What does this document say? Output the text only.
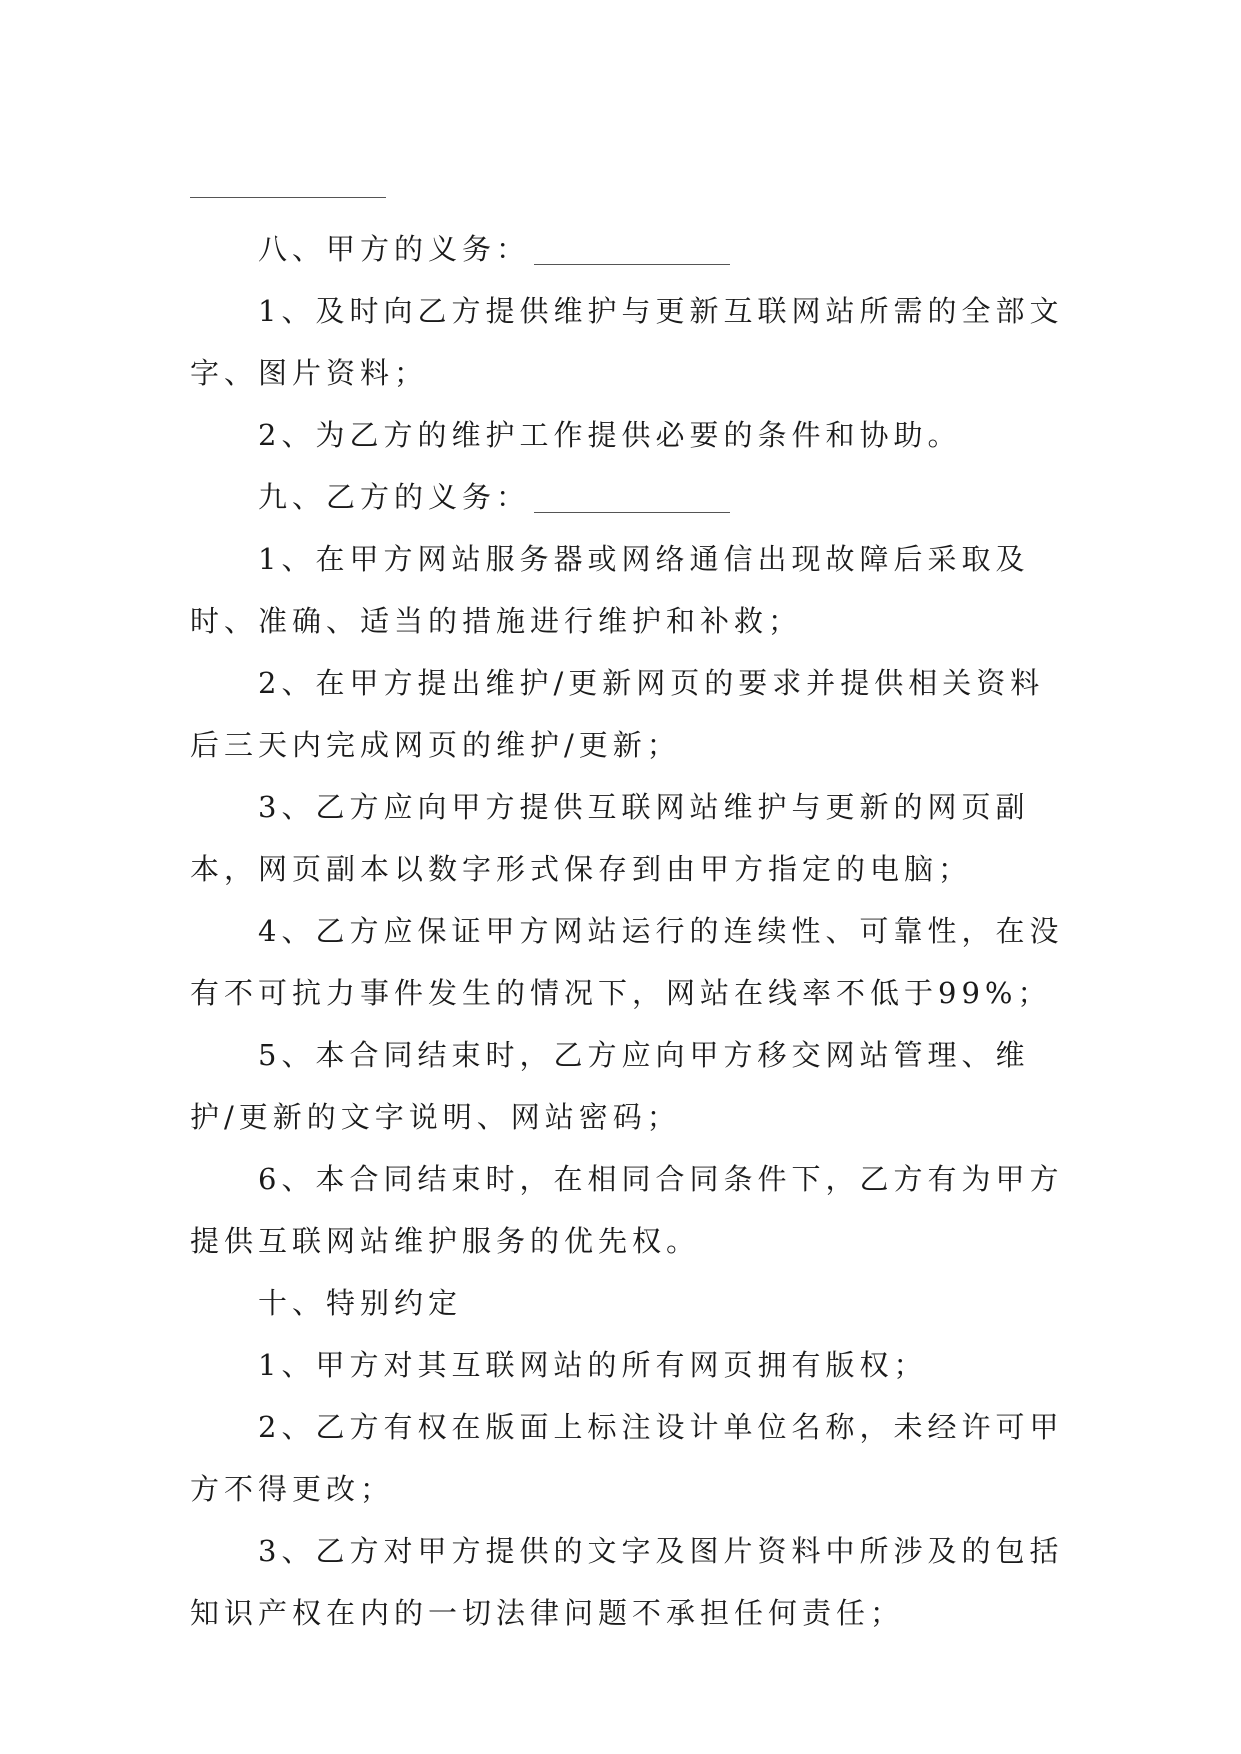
八、甲方的义务：

1、及时向乙方提供维护与更新互联网站所需的全部文字、图片资料；

2、为乙方的维护工作提供必要的条件和协助。

九、乙方的义务：

1、在甲方网站服务器或网络通信出现故障后采取及时、准确、适当的措施进行维护和补救；

2、在甲方提出维护/更新网页的要求并提供相关资料后三天内完成网页的维护/更新；

3、乙方应向甲方提供互联网站维护与更新的网页副本，网页副本以数字形式保存到由甲方指定的电脑；

4、乙方应保证甲方网站运行的连续性、可靠性，在没有不可抗力事件发生的情况下，网站在线率不低于99%；

5、本合同结束时，乙方应向甲方移交网站管理、维护/更新的文字说明、网站密码；

6、本合同结束时，在相同合同条件下，乙方有为甲方提供互联网站维护服务的优先权。

十、特别约定

1、甲方对其互联网站的所有网页拥有版权；

2、乙方有权在版面上标注设计单位名称，未经许可甲方不得更改；

3、乙方对甲方提供的文字及图片资料中所涉及的包括知识产权在内的一切法律问题不承担任何责任；
